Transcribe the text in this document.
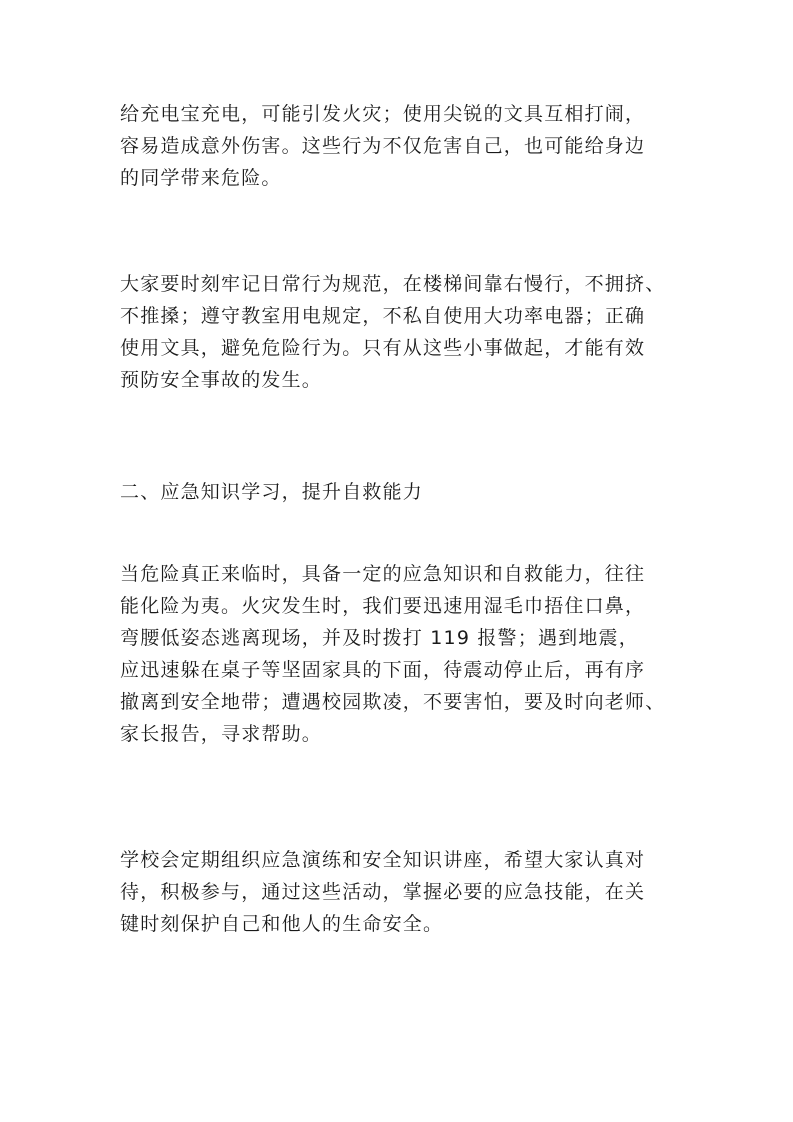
给充电宝充电，可能引发火灾；使用尖锐的文具互相打闹，
容易造成意外伤害。这些行为不仅危害自己，也可能给身边
的同学带来危险。
大家要时刻牢记日常行为规范，在楼梯间靠右慢行，不拥挤、
不推搡；遵守教室用电规定，不私自使用大功率电器；正确
使用文具，避免危险行为。只有从这些小事做起，才能有效
预防安全事故的发生。
二、应急知识学习，提升自救能力
当危险真正来临时，具备一定的应急知识和自救能力，往往
能化险为夷。火灾发生时，我们要迅速用湿毛巾捂住口鼻，
弯腰低姿态逃离现场，并及时拨打 119 报警；遇到地震，
应迅速躲在桌子等坚固家具的下面，待震动停止后，再有序
撤离到安全地带；遭遇校园欺凌，不要害怕，要及时向老师、
家长报告，寻求帮助。
学校会定期组织应急演练和安全知识讲座，希望大家认真对
待，积极参与，通过这些活动，掌握必要的应急技能，在关
键时刻保护自己和他人的生命安全。
